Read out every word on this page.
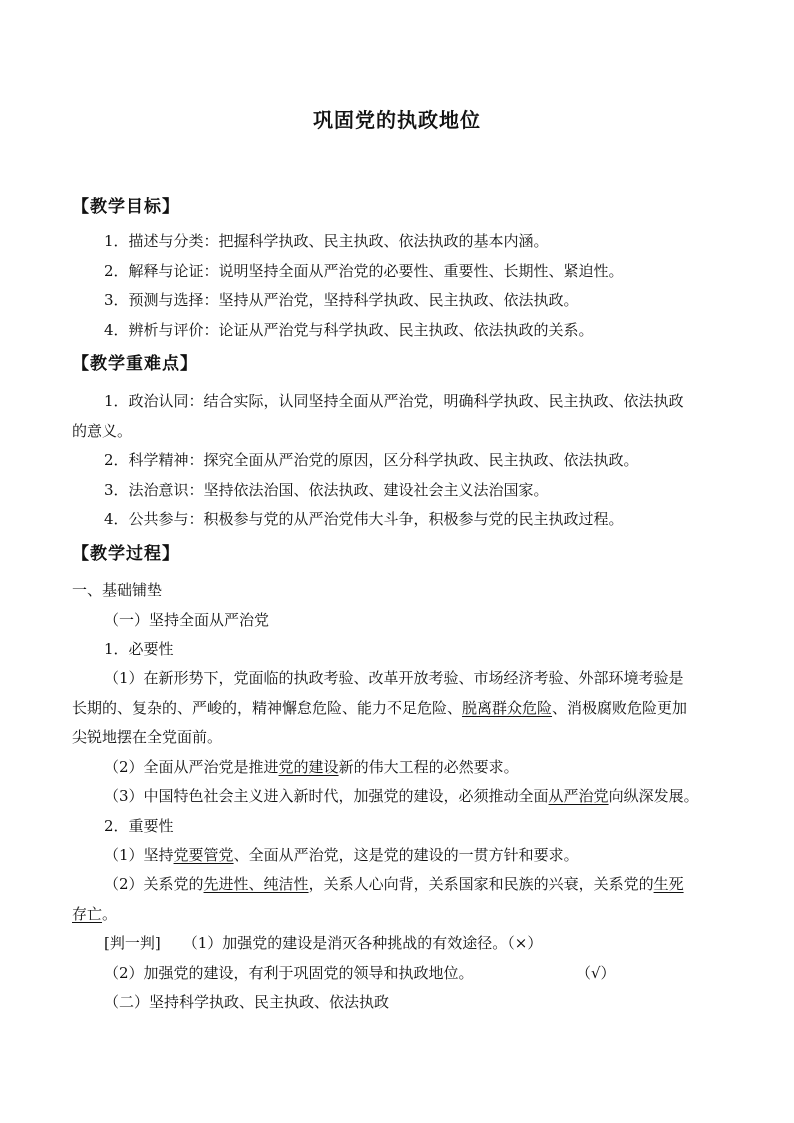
巩固党的执政地位
【教学目标】
1．描述与分类：把握科学执政、民主执政、依法执政的基本内涵。
2．解释与论证：说明坚持全面从严治党的必要性、重要性、长期性、紧迫性。
3．预测与选择：坚持从严治党，坚持科学执政、民主执政、依法执政。
4．辨析与评价：论证从严治党与科学执政、民主执政、依法执政的关系。
【教学重难点】
1．政治认同：结合实际，认同坚持全面从严治党，明确科学执政、民主执政、依法执政
的意义。
2．科学精神：探究全面从严治党的原因，区分科学执政、民主执政、依法执政。
3．法治意识：坚持依法治国、依法执政、建设社会主义法治国家。
4．公共参与：积极参与党的从严治党伟大斗争，积极参与党的民主执政过程。
【教学过程】
一、基础铺垫
（一）坚持全面从严治党
1．必要性
（1）在新形势下，党面临的执政考验、改革开放考验、市场经济考验、外部环境考验是
长期的、复杂的、严峻的，精神懈怠危险、能力不足危险、脱离群众危险、消极腐败危险更加
尖锐地摆在全党面前。
（2）全面从严治党是推进党的建设新的伟大工程的必然要求。
（3）中国特色社会主义进入新时代，加强党的建设，必须推动全面从严治党向纵深发展。
2．重要性
（1）坚持党要管党、全面从严治党，这是党的建设的一贯方针和要求。
（2）关系党的先进性、纯洁性，关系人心向背，关系国家和民族的兴衰，关系党的生死
存亡。
[判一判] （1）加强党的建设是消灭各种挑战的有效途径。（×）
（2）加强党的建设，有利于巩固党的领导和执政地位。	（√）
（二）坚持科学执政、民主执政、依法执政
